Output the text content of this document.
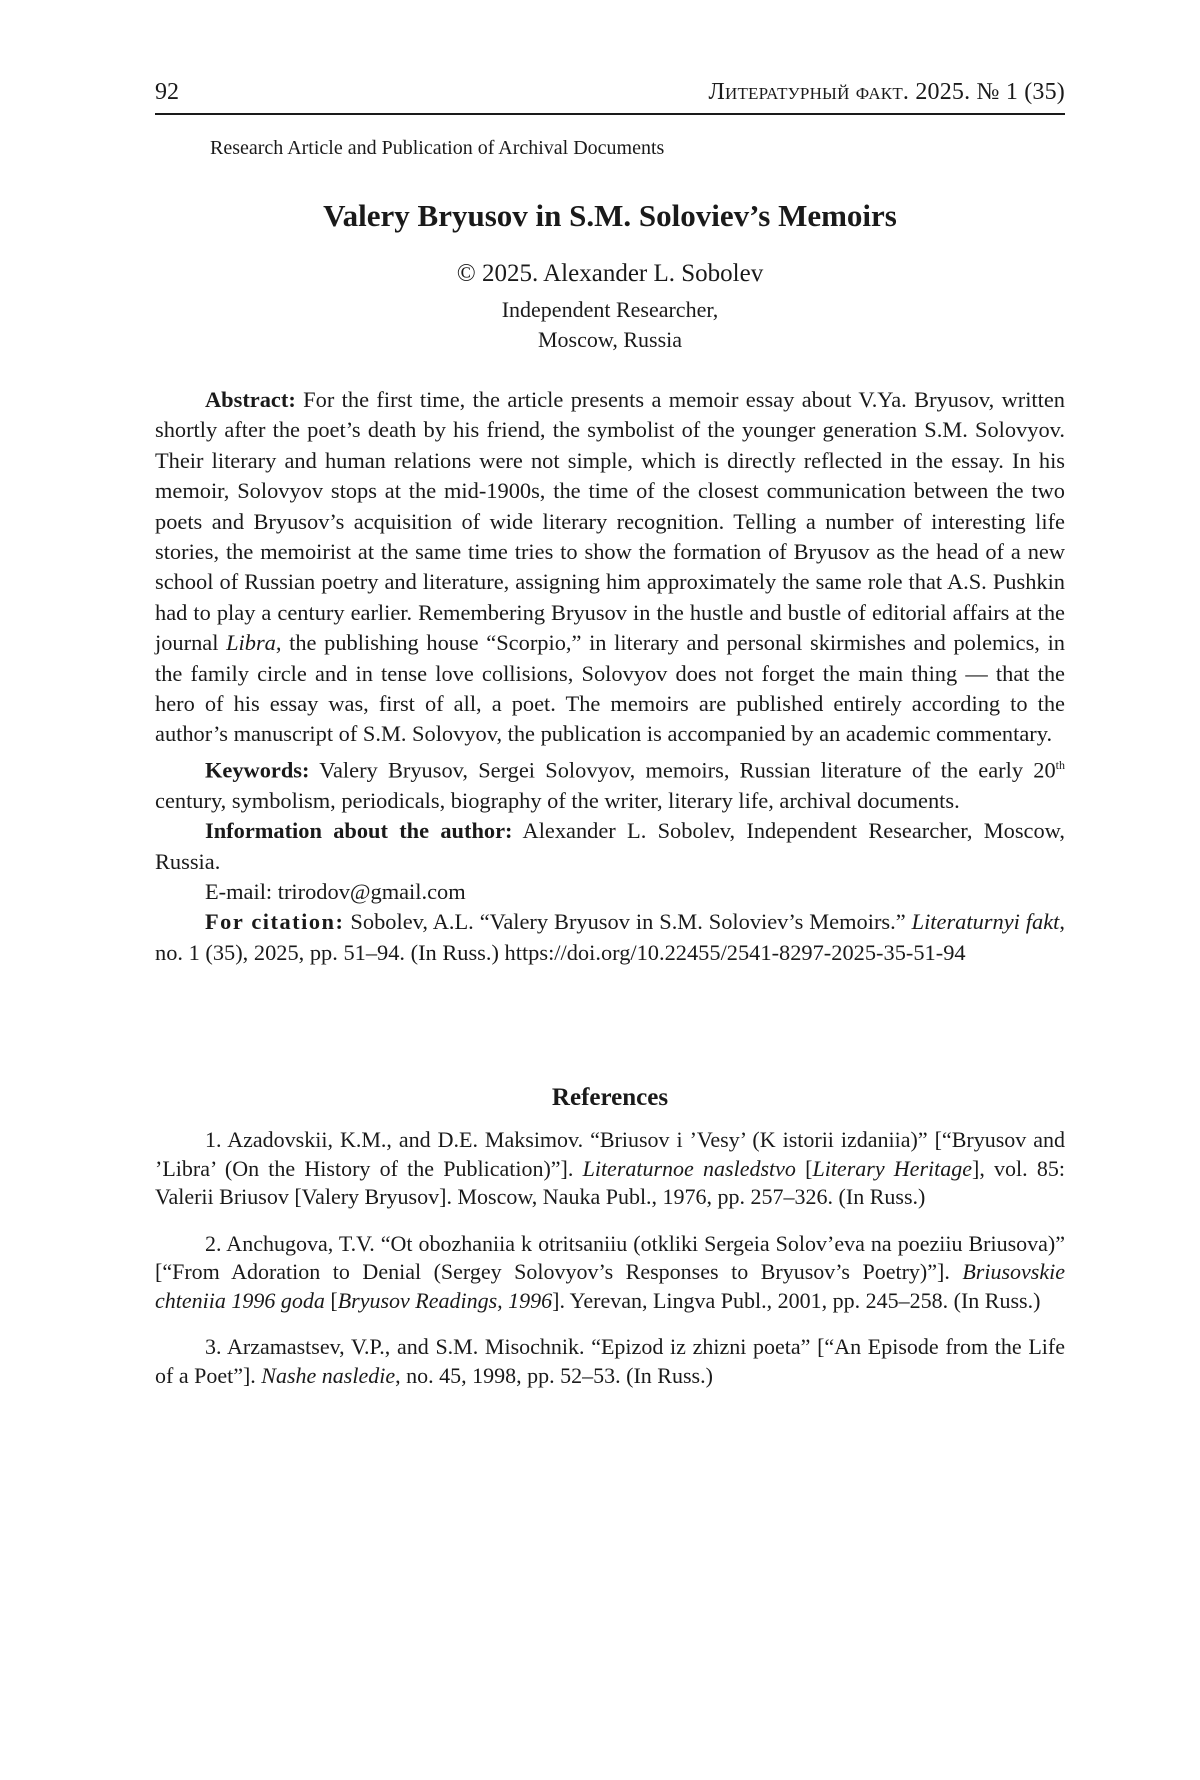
92	Литературный факт. 2025. № 1 (35)
Research Article and Publication of Archival Documents
Valery Bryusov in S.M. Soloviev’s Memoirs
© 2025. Alexander L. Sobolev
Independent Researcher,
Moscow, Russia

Abstract: For the first time, the article presents a memoir essay about V.Ya. Bryusov, written shortly after the poet’s death by his friend, the symbolist of the younger generation S.M. Solovyov. Their literary and human relations were not simple, which is directly reflected in the essay. In his memoir, Solovyov stops at the mid-1900s, the time of the closest communication between the two poets and Bryusov’s acquisition of wide literary recognition. Telling a number of interesting life stories, the memoirist at the same time tries to show the formation of Bryusov as the head of a new school of Russian poetry and literature, assigning him approximately the same role that A.S. Pushkin had to play a century earlier. Remembering Bryusov in the hustle and bustle of editorial affairs at the journal Libra, the publishing house “Scorpio,” in literary and personal skirmishes and polemics, in the family circle and in tense love collisions, Solovyov does not forget the main thing — that the hero of his essay was, first of all, a poet. The memoirs are published entirely according to the author’s manuscript of S.M. Solovyov, the publication is accompanied by an academic commentary.

Keywords: Valery Bryusov, Sergei Solovyov, memoirs, Russian literature of the early 20th century, symbolism, periodicals, biography of the writer, literary life, archival documents.

Information about the author: Alexander L. Sobolev, Independent Researcher, Moscow, Russia.

E-mail: trirodov@gmail.com

For citation: Sobolev, A.L. “Valery Bryusov in S.M. Soloviev’s Memoirs.” Literaturnyi fakt, no. 1 (35), 2025, pp. 51–94. (In Russ.) https://doi.org/10.22455/2541-8297-2025-35-51-94

References

1. Azadovskii, K.M., and D.E. Maksimov. “Briusov i ’Vesy’ (K istorii izdaniia)” [“Bryusov and ’Libra’ (On the History of the Publication)”]. Literaturnoe nasledstvo [Literary Heritage], vol. 85: Valerii Briusov [Valery Bryusov]. Moscow, Nauka Publ., 1976, pp. 257–326. (In Russ.)

2. Anchugova, T.V. “Ot obozhaniia k otritsaniiu (otkliki Sergeia Solov’eva na poeziiu Briusova)” [“From Adoration to Denial (Sergey Solovyov’s Responses to Bryusov’s Poetry)”]. Briusovskie chteniia 1996 goda [Bryusov Readings, 1996]. Yerevan, Lingva Publ., 2001, pp. 245–258. (In Russ.)

3. Arzamastsev, V.P., and S.M. Misochnik. “Epizod iz zhizni poeta” [“An Episode from the Life of a Poet”]. Nashe nasledie, no. 45, 1998, pp. 52–53. (In Russ.)
